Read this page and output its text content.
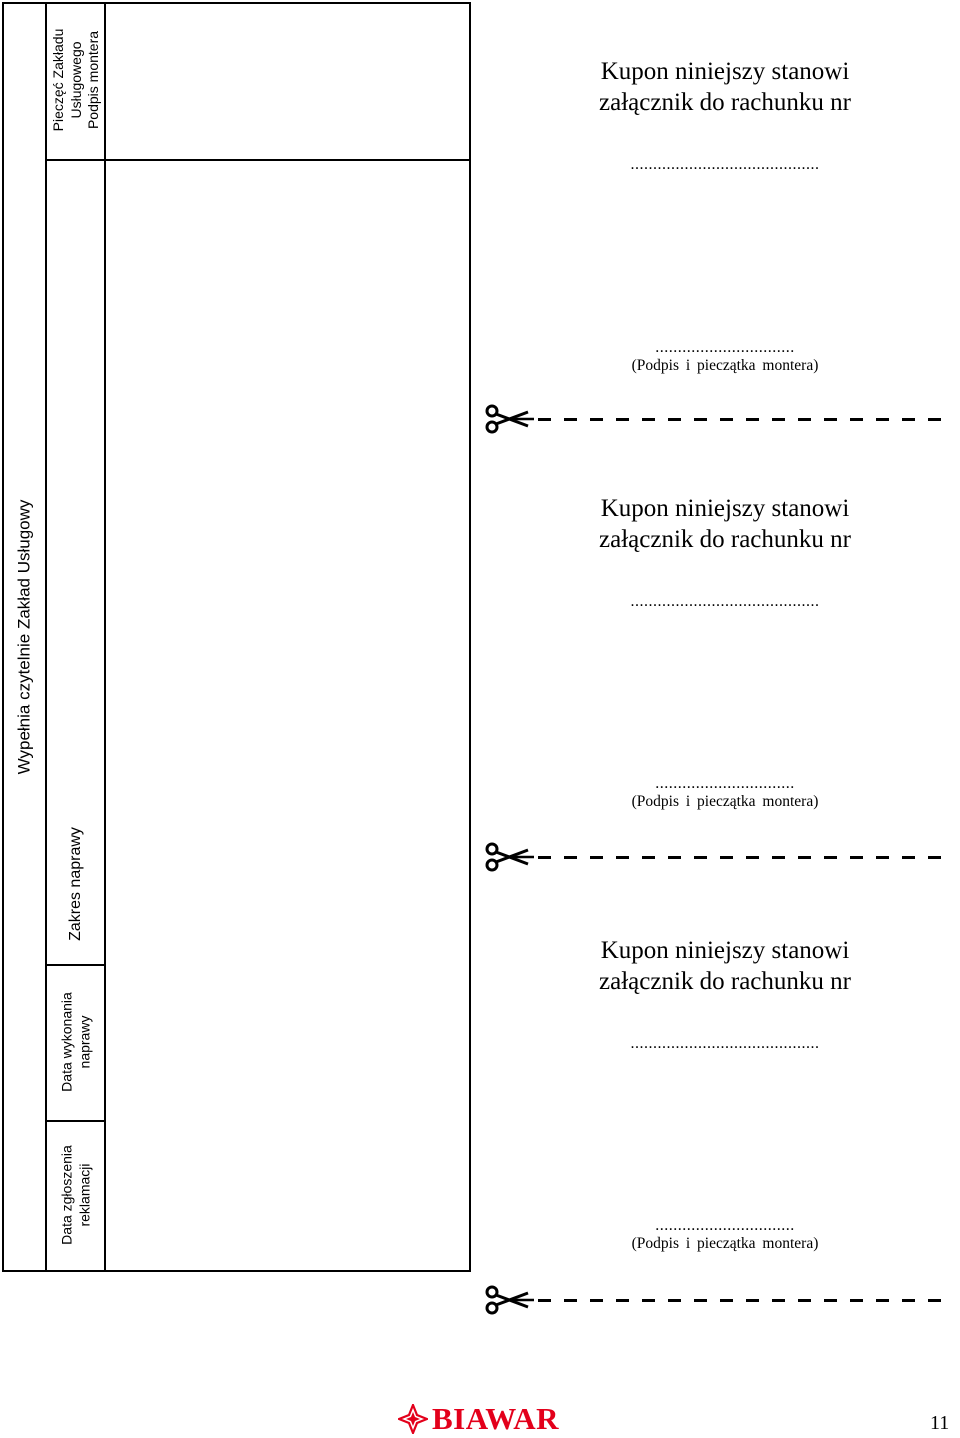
Wypełnia czytelnie Zakład Usługowy
Pieczęć Zakładu Usługowego Podpis montera
Zakres naprawy
Data wykonania naprawy
Data zgłoszenia reklamacji
Kupon niniejszy stanowi
załącznik do rachunku nr
..........................................
...............................
(Podpis i pieczątka montera)
Kupon niniejszy stanowi
załącznik do rachunku nr
..........................................
...............................
(Podpis i pieczątka montera)
Kupon niniejszy stanowi
załącznik do rachunku nr
..........................................
...............................
(Podpis i pieczątka montera)
BIAWAR	11
